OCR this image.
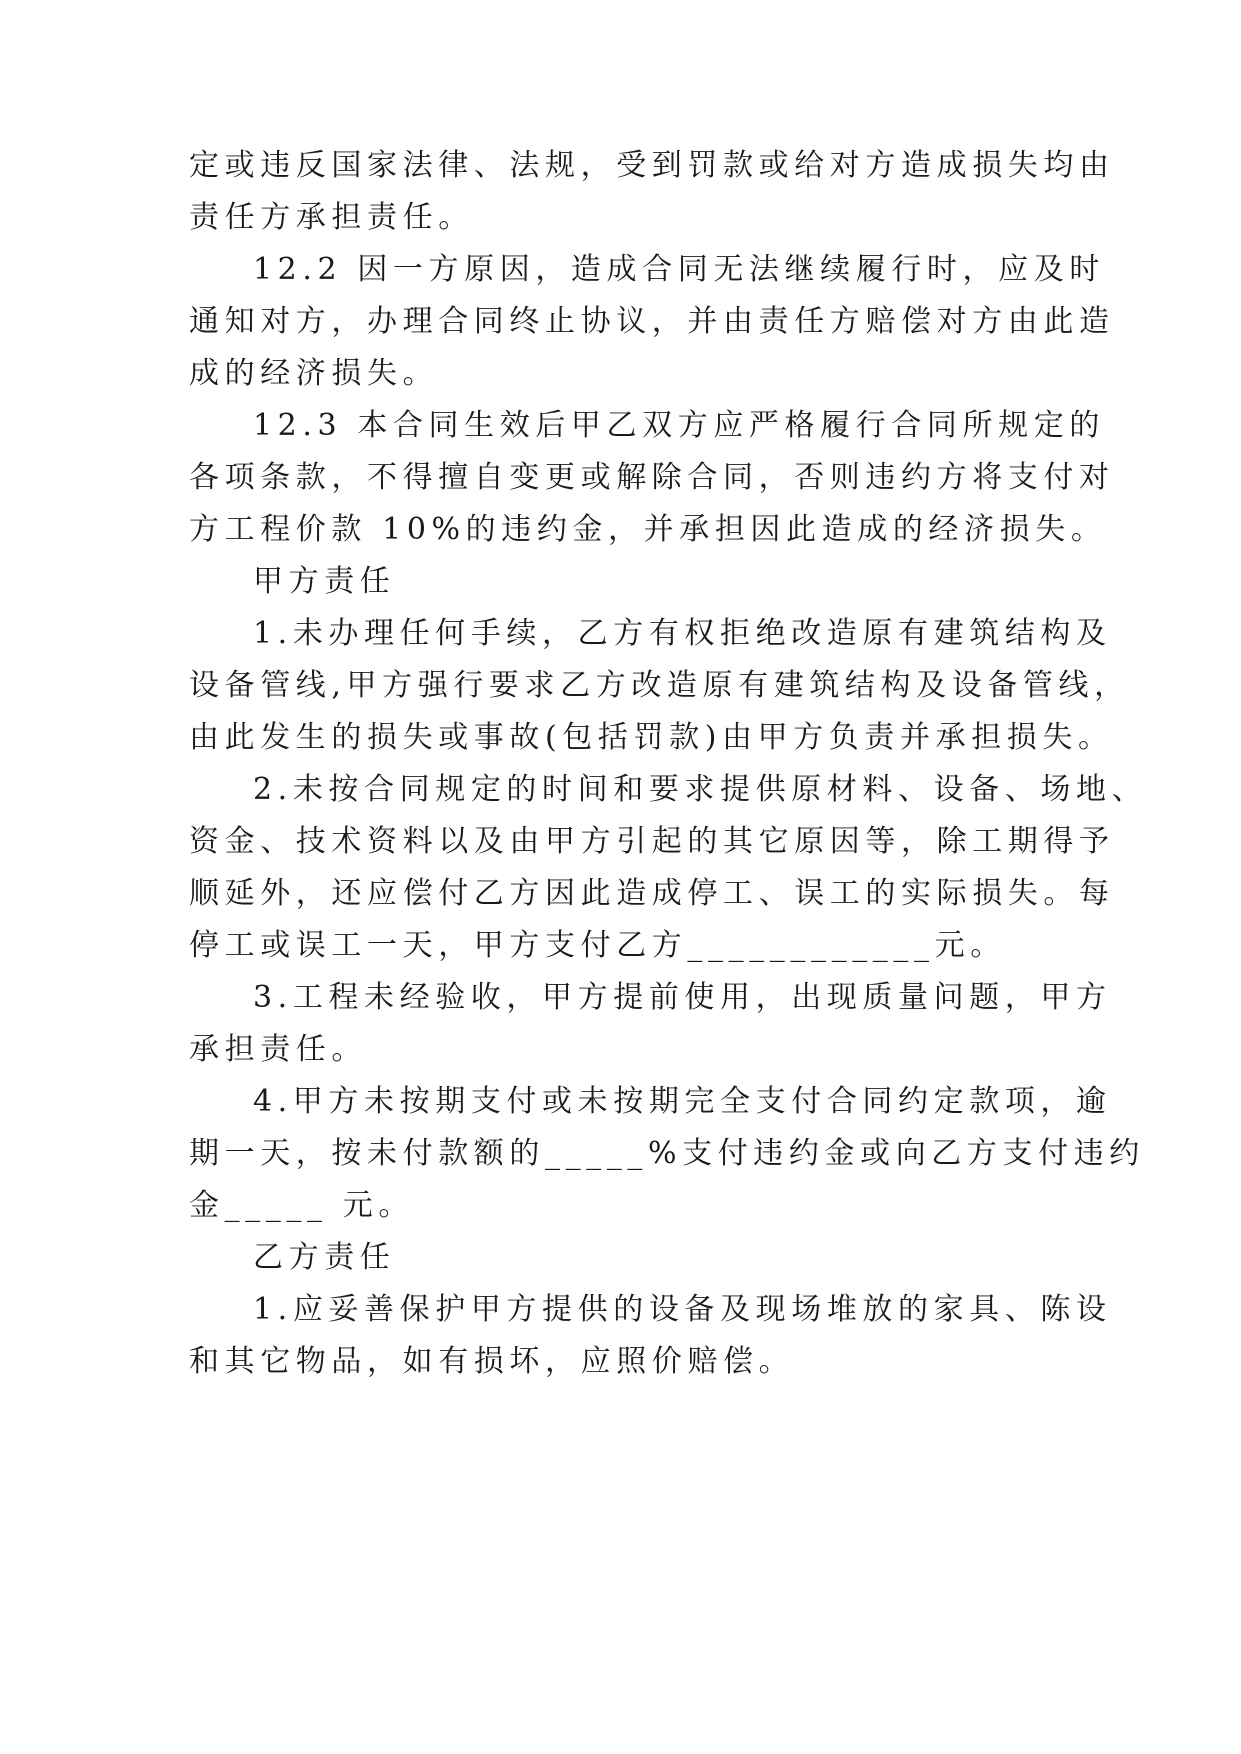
定或违反国家法律、法规，受到罚款或给对方造成损失均由
责任方承担责任。
12.2 因一方原因，造成合同无法继续履行时，应及时
通知对方，办理合同终止协议，并由责任方赔偿对方由此造
成的经济损失。
12.3 本合同生效后甲乙双方应严格履行合同所规定的
各项条款，不得擅自变更或解除合同，否则违约方将支付对
方工程价款 10%的违约金，并承担因此造成的经济损失。
甲方责任
1.未办理任何手续，乙方有权拒绝改造原有建筑结构及
设备管线,甲方强行要求乙方改造原有建筑结构及设备管线，
由此发生的损失或事故(包括罚款)由甲方负责并承担损失。
2.未按合同规定的时间和要求提供原材料、设备、场地、
资金、技术资料以及由甲方引起的其它原因等，除工期得予
顺延外，还应偿付乙方因此造成停工、误工的实际损失。每
停工或误工一天，甲方支付乙方____________元。
3.工程未经验收，甲方提前使用，出现质量问题，甲方
承担责任。
4.甲方未按期支付或未按期完全支付合同约定款项，逾
期一天，按未付款额的_____%支付违约金或向乙方支付违约
金_____ 元。
乙方责任
1.应妥善保护甲方提供的设备及现场堆放的家具、陈设
和其它物品，如有损坏，应照价赔偿。
